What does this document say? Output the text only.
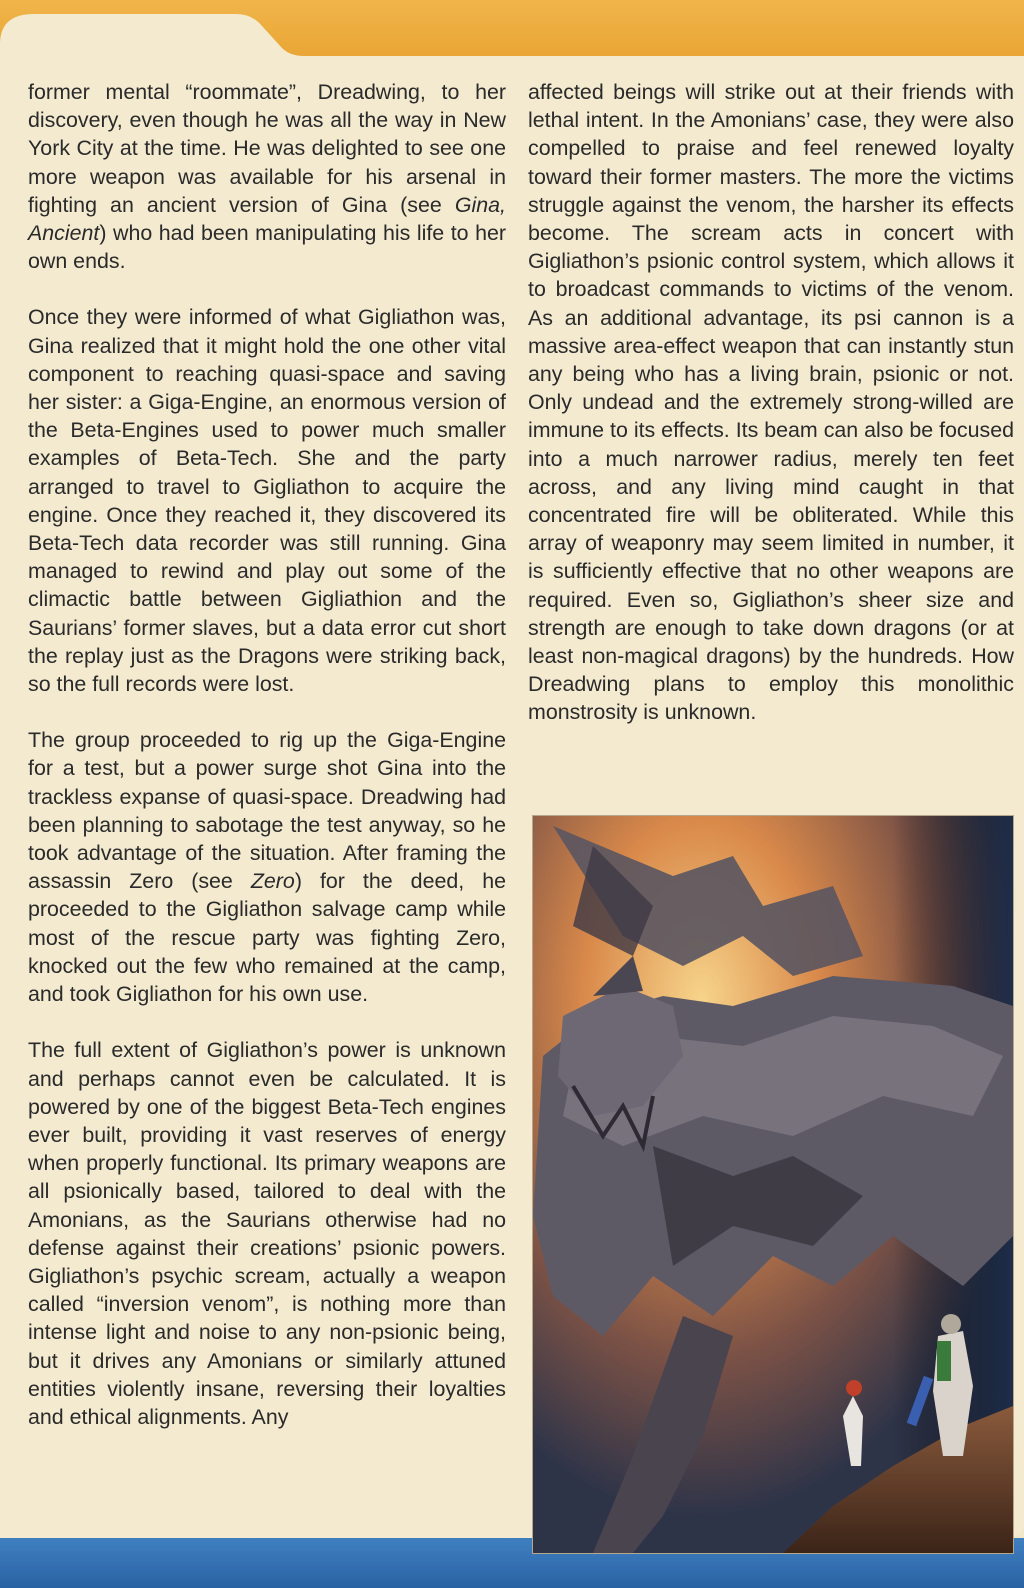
former mental “roommate”, Dreadwing, to her discovery, even though he was all the way in New York City at the time. He was delighted to see one more weapon was available for his arsenal in fighting an ancient version of Gina (see Gina, Ancient) who had been manipulating his life to her own ends.

Once they were informed of what Gigliathon was, Gina realized that it might hold the one other vital component to reaching quasi-space and saving her sister: a Giga-Engine, an enormous version of the Beta-Engines used to power much smaller examples of Beta-Tech. She and the party arranged to travel to Gigliathon to acquire the engine. Once they reached it, they discovered its Beta-Tech data recorder was still running. Gina managed to rewind and play out some of the climactic battle between Gigliathion and the Saurians’ former slaves, but a data error cut short the replay just as the Dragons were striking back, so the full records were lost.

The group proceeded to rig up the Giga-Engine for a test, but a power surge shot Gina into the trackless expanse of quasi-space. Dreadwing had been planning to sabotage the test anyway, so he took advantage of the situation. After framing the assassin Zero (see Zero) for the deed, he proceeded to the Gigliathon salvage camp while most of the rescue party was fighting Zero, knocked out the few who remained at the camp, and took Gigliathon for his own use.

The full extent of Gigliathon’s power is unknown and perhaps cannot even be calculated. It is powered by one of the biggest Beta-Tech engines ever built, providing it vast reserves of energy when properly functional. Its primary weapons are all psionically based, tailored to deal with the Amonians, as the Saurians otherwise had no defense against their creations’ psionic powers. Gigliathon’s psychic scream, actually a weapon called “inversion venom”, is nothing more than intense light and noise to any non-psionic being, but it drives any Amonians or similarly attuned entities violently insane, reversing their loyalties and ethical alignments. Any

affected beings will strike out at their friends with lethal intent. In the Amonians’ case, they were also compelled to praise and feel renewed loyalty toward their former masters. The more the victims struggle against the venom, the harsher its effects become. The scream acts in concert with Gigliathon’s psionic control system, which allows it to broadcast commands to victims of the venom. As an additional advantage, its psi cannon is a massive area-effect weapon that can instantly stun any being who has a living brain, psionic or not. Only undead and the extremely strong-willed are immune to its effects. Its beam can also be focused into a much narrower radius, merely ten feet across, and any living mind caught in that concentrated fire will be obliterated. While this array of weaponry may seem limited in number, it is sufficiently effective that no other weapons are required. Even so, Gigliathon’s sheer size and strength are enough to take down dragons (or at least non-magical dragons) by the hundreds. How Dreadwing plans to employ this monolithic monstrosity is unknown.
